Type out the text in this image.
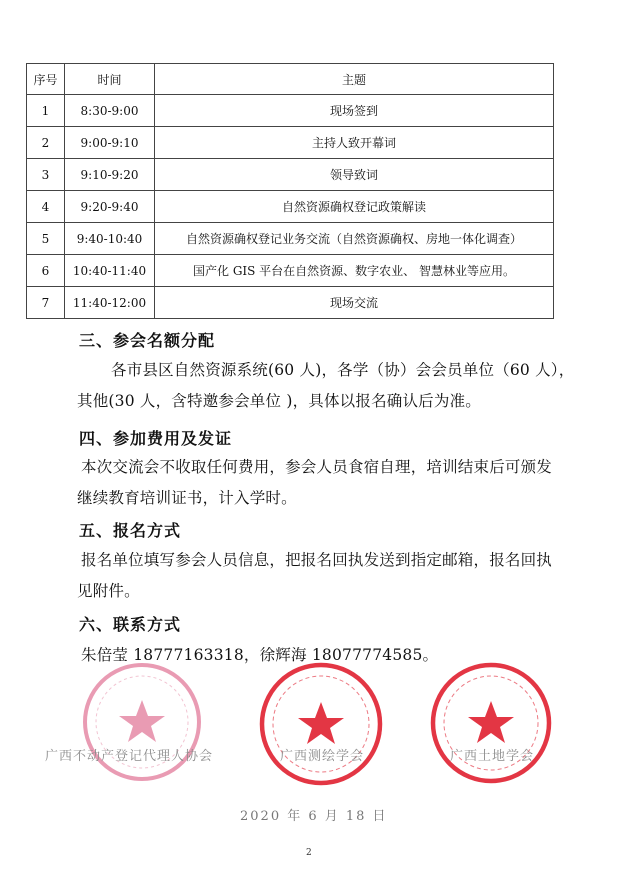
序号	时间	主题
1	8:30-9:00	现场签到
2	9:00-9:10	主持人致开幕词
3	9:10-9:20	领导致词
4	9:20-9:40	自然资源确权登记政策解读
5	9:40-10:40	自然资源确权登记业务交流（自然资源确权、房地一体化调查）
6	10:40-11:40	国产化 GIS 平台在自然资源、数字农业、 智慧林业等应用。
7	11:40-12:00	现场交流
三、参会名额分配
各市县区自然资源系统(60 人)，各学（协）会会员单位（60 人），
其他(30 人，含特邀参会单位 )，具体以报名确认后为准。
四、参加费用及发证
本次交流会不收取任何费用，参会人员食宿自理，培训结束后可颁发
继续教育培训证书，计入学时。
五、报名方式
报名单位填写参会人员信息，把报名回执发送到指定邮箱，报名回执
见附件。
六、联系方式
朱倍莹 18777163318，徐辉海 18077774585。
广西不动产登记代理人协会	广西测绘学会	广西土地学会
2020 年 6 月 18 日
2
